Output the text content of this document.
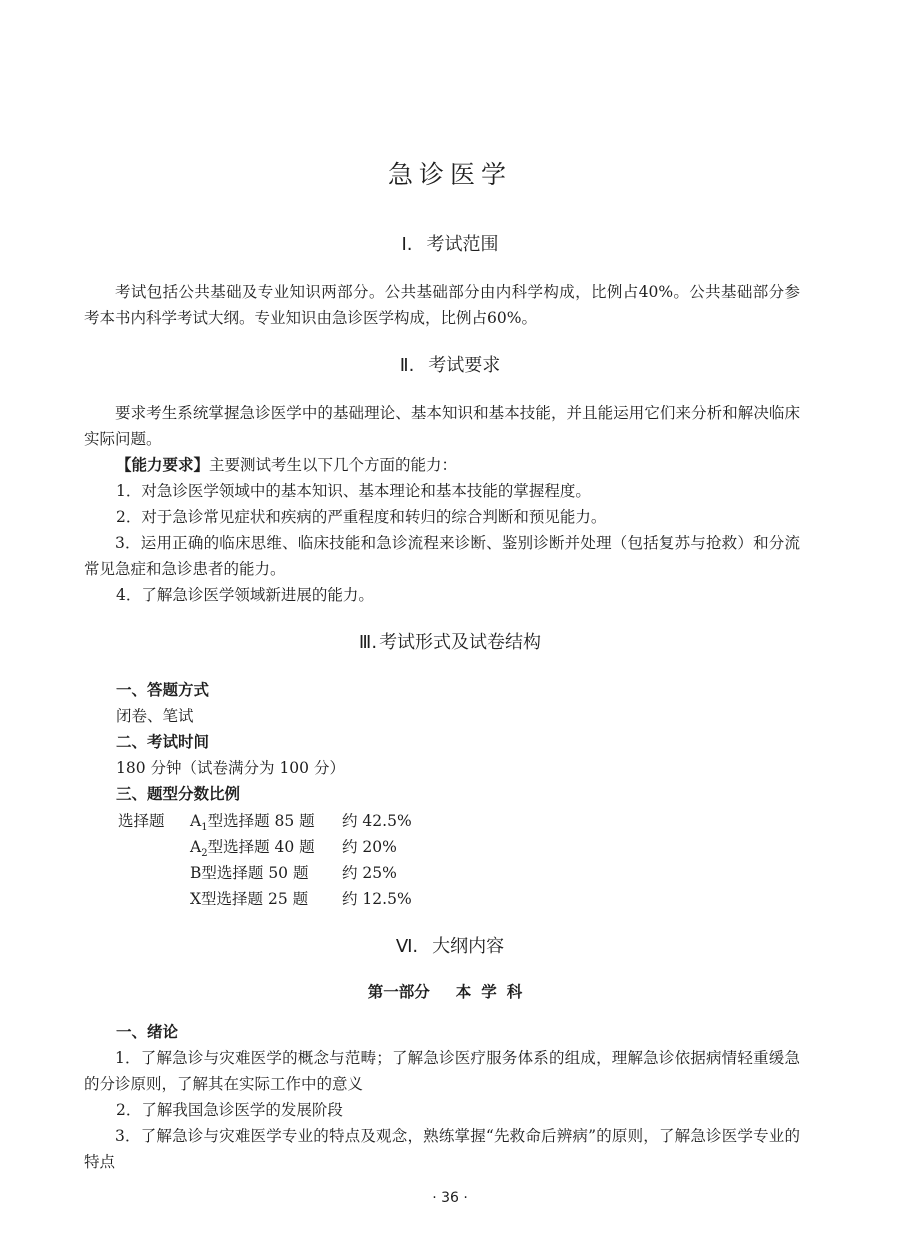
急诊医学
Ⅰ. 考试范围

考试包括公共基础及专业知识两部分。公共基础部分由内科学构成，比例占40%。公共基础部分参考本书内科学考试大纲。专业知识由急诊医学构成，比例占60%。

Ⅱ. 考试要求

要求考生系统掌握急诊医学中的基础理论、基本知识和基本技能，并且能运用它们来分析和解决临床实际问题。

【能力要求】主要测试考生以下几个方面的能力：
1．对急诊医学领域中的基本知识、基本理论和基本技能的掌握程度。
2．对于急诊常见症状和疾病的严重程度和转归的综合判断和预见能力。

3．运用正确的临床思维、临床技能和急诊流程来诊断、鉴别诊断并处理（包括复苏与抢救）和分流常见急症和急诊患者的能力。

4．了解急诊医学领域新进展的能力。
Ⅲ. 考试形式及试卷结构
一、答题方式
闭卷、笔试
二、考试时间
180 分钟（试卷满分为 100 分）
三、题型分数比例
选择题 $A_1$型选择题 85 题 约 42.5%
$A_2$型选择题 40 题 约 20%
B型选择题 50 题 约 25%
X型选择题 25 题 约 12.5%
Ⅵ. 大纲内容
第一部分 本学科
一、绪论

1．了解急诊与灾难医学的概念与范畴；了解急诊医疗服务体系的组成，理解急诊依据病情轻重缓急的分诊原则，了解其在实际工作中的意义

2．了解我国急诊医学的发展阶段

3．了解急诊与灾难医学专业的特点及观念，熟练掌握“先救命后辨病”的原则，了解急诊医学专业的特点

· 36 ·
